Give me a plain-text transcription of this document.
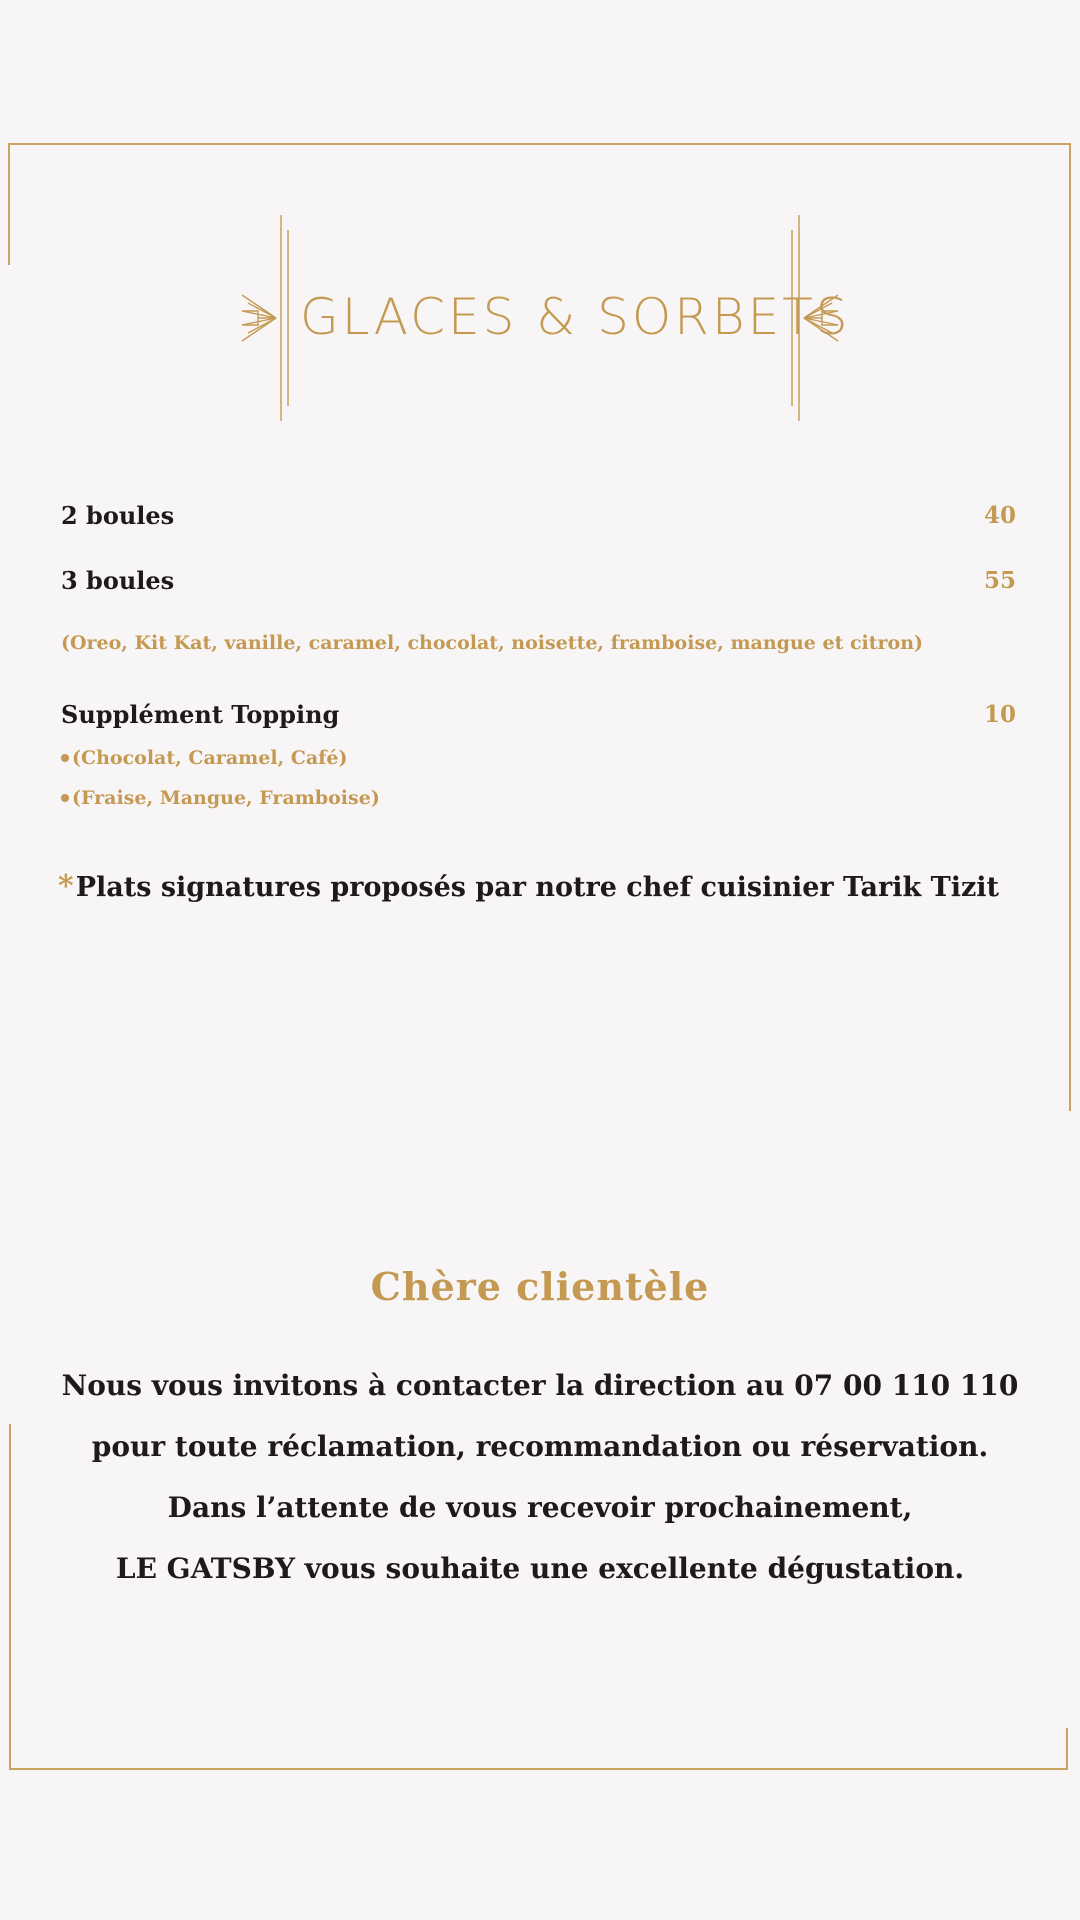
GLACES & SORBETS
2 boules	40
3 boules	55
(Oreo, Kit Kat, vanille, caramel, chocolat, noisette, framboise, mangue et citron)
Supplément Topping	10
(Chocolat, Caramel, Café)
(Fraise, Mangue, Framboise)
*Plats signatures proposés par notre chef cuisinier Tarik Tizit
Chère clientèle
Nous vous invitons à contacter la direction au 07 00 110 110
pour toute réclamation, recommandation ou réservation.
Dans l’attente de vous recevoir prochainement,
LE GATSBY vous souhaite une excellente dégustation.
